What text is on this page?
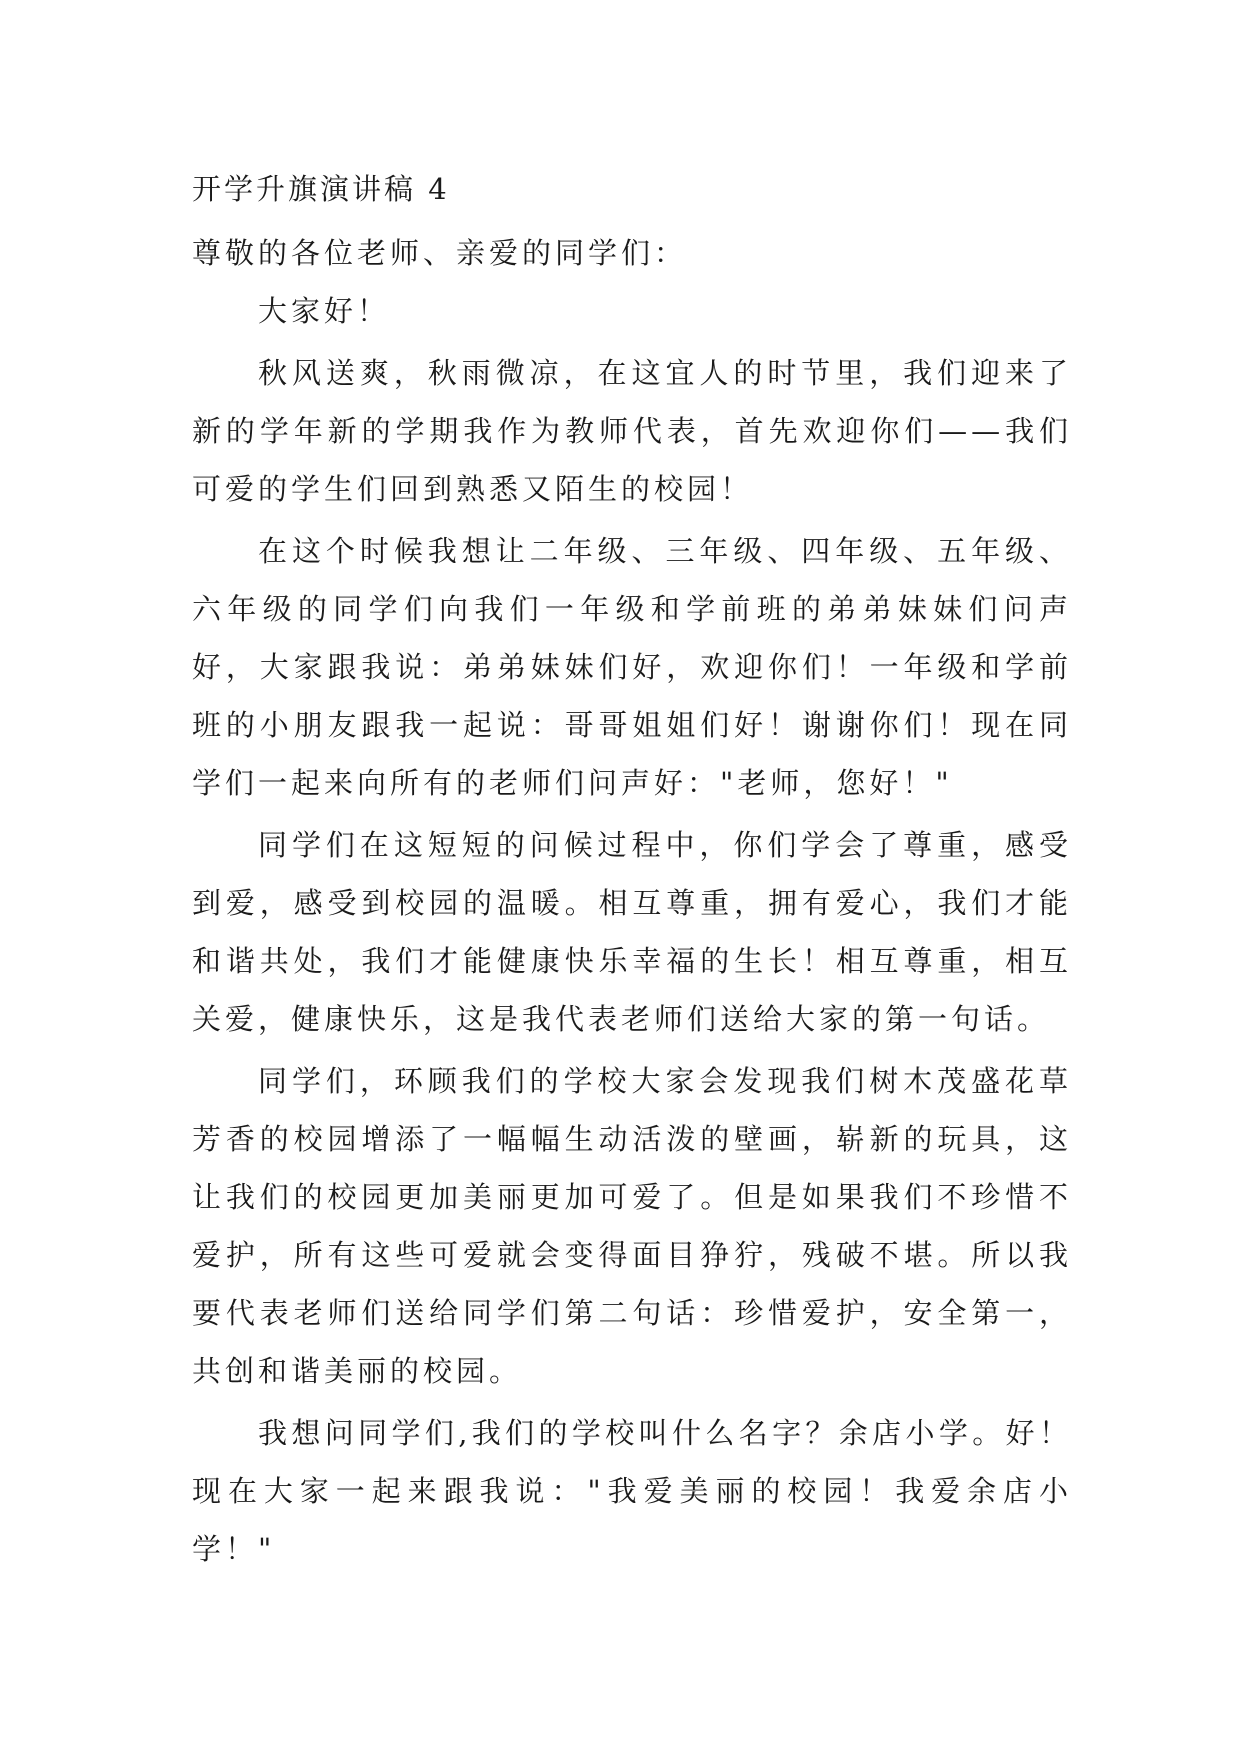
开学升旗演讲稿 4

尊敬的各位老师、亲爱的同学们：

大家好！

秋风送爽，秋雨微凉，在这宜人的时节里，我们迎来了新的学年新的学期我作为教师代表，首先欢迎你们——我们可爱的学生们回到熟悉又陌生的校园！

在这个时候我想让二年级、三年级、四年级、五年级、六年级的同学们向我们一年级和学前班的弟弟妹妹们问声好，大家跟我说：弟弟妹妹们好，欢迎你们！一年级和学前班的小朋友跟我一起说：哥哥姐姐们好！谢谢你们！现在同学们一起来向所有的老师们问声好："老师，您好！"

同学们在这短短的问候过程中，你们学会了尊重，感受到爱，感受到校园的温暖。相互尊重，拥有爱心，我们才能和谐共处，我们才能健康快乐幸福的生长！相互尊重，相互关爱，健康快乐，这是我代表老师们送给大家的第一句话。

同学们，环顾我们的学校大家会发现我们树木茂盛花草芳香的校园增添了一幅幅生动活泼的壁画，崭新的玩具，这让我们的校园更加美丽更加可爱了。但是如果我们不珍惜不爱护，所有这些可爱就会变得面目狰狞，残破不堪。所以我要代表老师们送给同学们第二句话：珍惜爱护，安全第一，共创和谐美丽的校园。

我想问同学们,我们的学校叫什么名字？余店小学。好！现在大家一起来跟我说："我爱美丽的校园！我爱余店小学！"
